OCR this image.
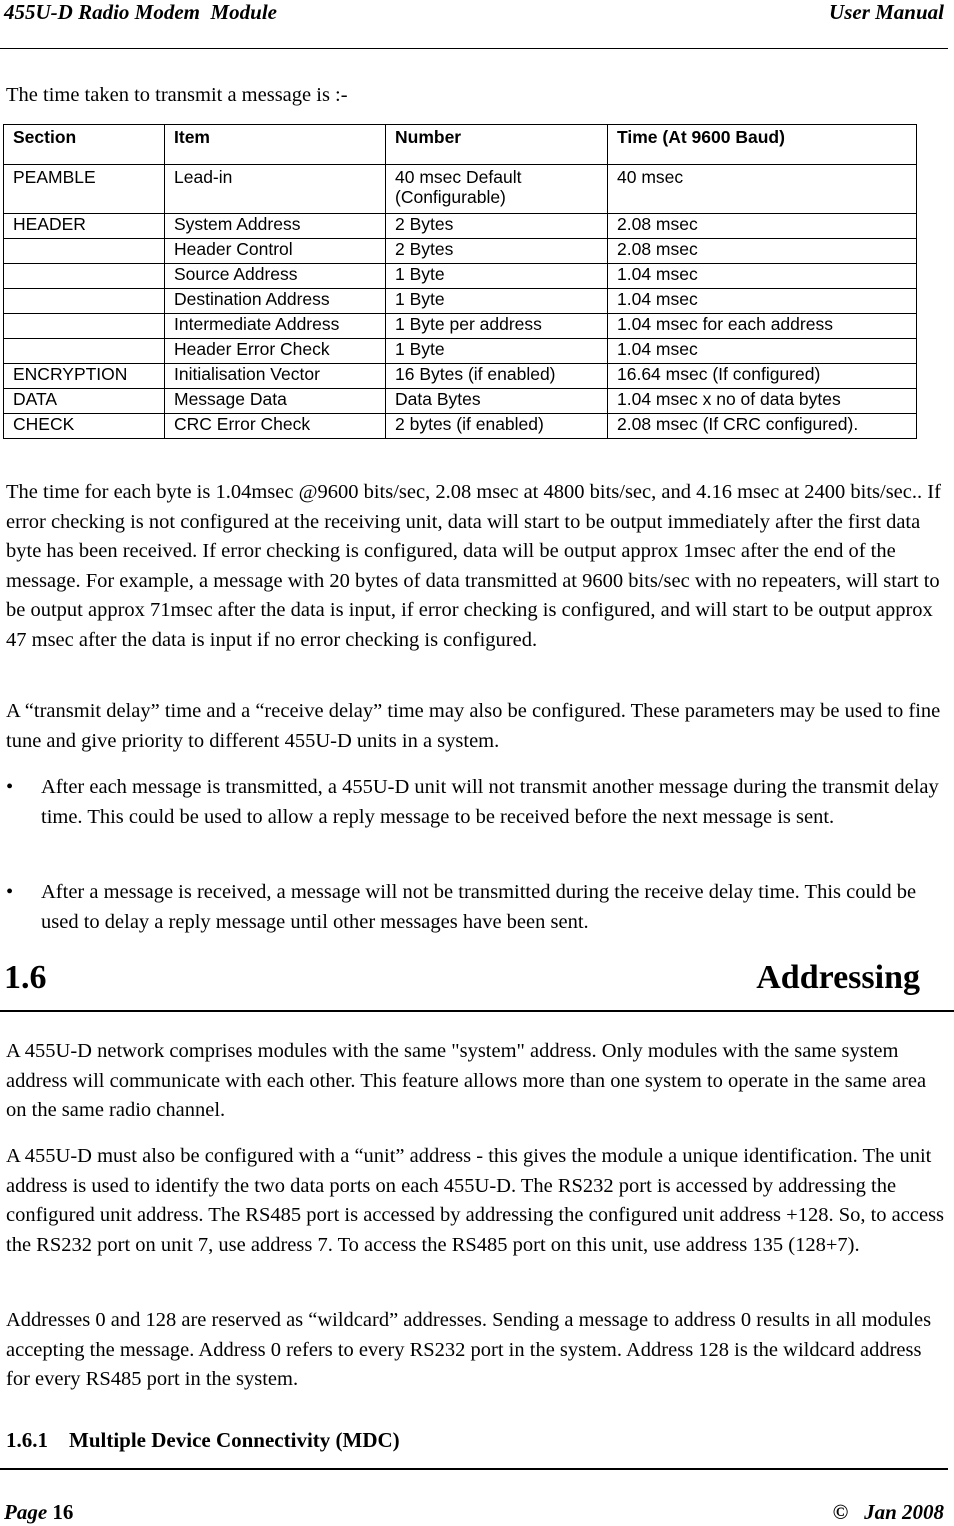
455U-D Radio Modem  Module	User Manual
The time taken to transmit a message is :-
Section	Item	Number	Time (At 9600 Baud)
PEAMBLE	Lead-in	40 msec Default (Configurable)	40 msec
HEADER	System Address	2 Bytes	2.08 msec
	Header Control	2 Bytes	2.08 msec
	Source Address	1 Byte	1.04 msec
	Destination Address	1 Byte	1.04 msec
	Intermediate Address	1 Byte per address	1.04 msec for each address
	Header Error Check	1 Byte	1.04 msec
ENCRYPTION	Initialisation Vector	16 Bytes (if enabled)	16.64 msec (If configured)
DATA	Message Data	Data Bytes	1.04 msec x no of data bytes
CHECK	CRC Error Check	2 bytes (if enabled)	2.08 msec (If CRC configured).

The time for each byte is 1.04msec @9600 bits/sec, 2.08 msec at 4800 bits/sec, and 4.16 msec at 2400 bits/sec.. If error checking is not configured at the receiving unit, data will start to be output immediately after the first data byte has been received. If error checking is configured, data will be output approx 1msec after the end of the message. For example, a message with 20 bytes of data transmitted at 9600 bits/sec with no repeaters, will start to be output approx 71msec after the data is input, if error checking is configured, and will start to be output approx 47 msec after the data is input if no error checking is configured.

A “transmit delay” time and a “receive delay” time may also be configured. These parameters may be used to fine tune and give priority to different 455U-D units in a system.

• After each message is transmitted, a 455U-D unit will not transmit another message during the transmit delay time. This could be used to allow a reply message to be received before the next message is sent.
• After a message is received, a message will not be transmitted during the receive delay time. This could be used to delay a reply message until other messages have been sent.
1.6	Addressing

A 455U-D network comprises modules with the same "system" address. Only modules with the same system address will communicate with each other. This feature allows more than one system to operate in the same area on the same radio channel.

A 455U-D must also be configured with a “unit” address - this gives the module a unique identification. The unit address is used to identify the two data ports on each 455U-D. The RS232 port is accessed by addressing the configured unit address. The RS485 port is accessed by addressing the configured unit address +128. So, to access the RS232 port on unit 7, use address 7. To access the RS485 port on this unit, use address 135 (128+7).

Addresses 0 and 128 are reserved as “wildcard” addresses. Sending a message to address 0 results in all modules accepting the message. Address 0 refers to every RS232 port in the system. Address 128 is the wildcard address for every RS485 port in the system.

1.6.1 Multiple Device Connectivity (MDC)
Page 16	© Jan 2008
